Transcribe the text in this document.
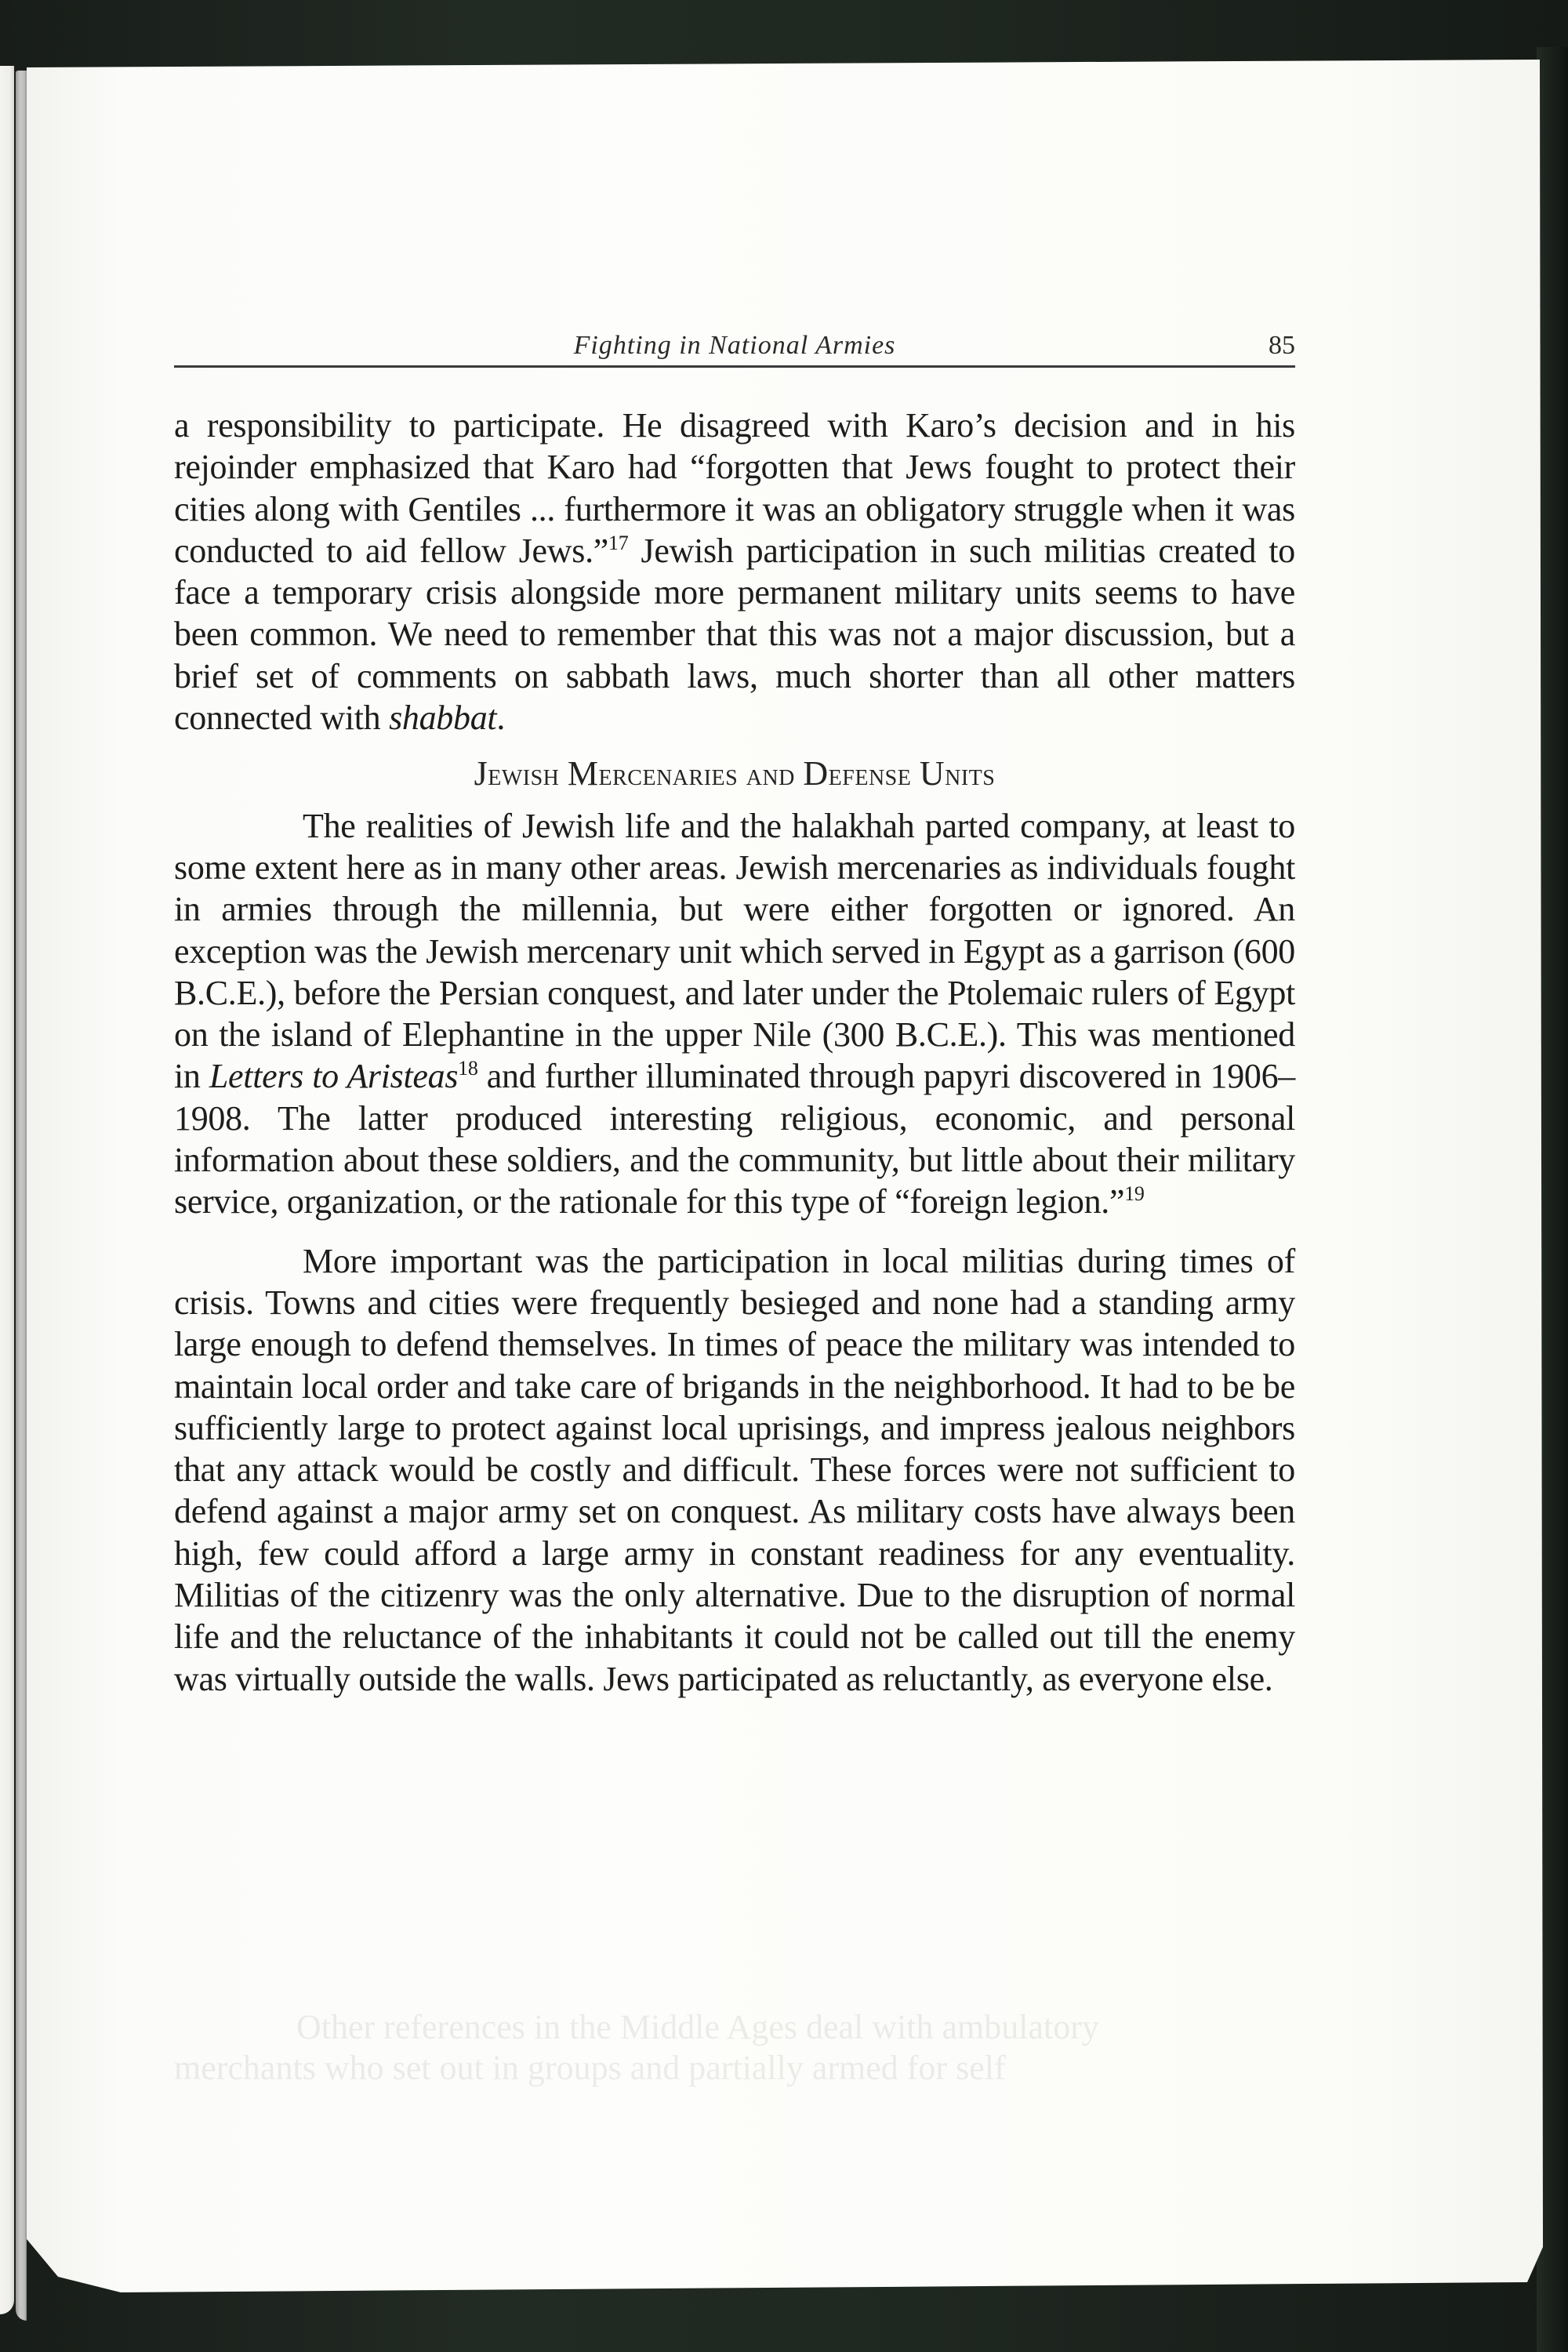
Fighting in National Armies	85

a responsibility to participate. He disagreed with Karo’s decision and in his rejoinder emphasized that Karo had “forgotten that Jews fought to protect their cities along with Gentiles ... furthermore it was an obligatory struggle when it was conducted to aid fellow Jews.”$^{17}$ Jewish participation in such militias created to face a temporary crisis alongside more permanent military units seems to have been common. We need to remember that this was not a major discussion, but a brief set of comments on sabbath laws, much shorter than all other matters connected with shabbat.

Jewish Mercenaries and Defense Units

The realities of Jewish life and the halakhah parted company, at least to some extent here as in many other areas. Jewish mercenaries as individuals fought in armies through the millennia, but were either forgotten or ignored. An exception was the Jewish mercenary unit which served in Egypt as a garrison (600 B.C.E.), before the Persian conquest, and later under the Ptolemaic rulers of Egypt on the island of Elephantine in the upper Nile (300 B.C.E.). This was mentioned in Letters to Aristeas$^{18}$ and further illuminated through papyri discovered in 1906–1908. The latter produced interesting religious, economic, and personal information about these soldiers, and the community, but little about their military service, organization, or the rationale for this type of “foreign legion.”$^{19}$

More important was the participation in local militias during times of crisis. Towns and cities were frequently besieged and none had a standing army large enough to defend themselves. In times of peace the military was intended to maintain local order and take care of brigands in the neighborhood. It had to be be sufficiently large to protect against local uprisings, and impress jealous neighbors that any attack would be costly and difficult. These forces were not sufficient to defend against a major army set on conquest. As military costs have always been high, few could afford a large army in constant readiness for any eventuality. Militias of the citizenry was the only alternative. Due to the disruption of normal life and the reluctance of the inhabitants it could not be called out till the enemy was virtually outside the walls. Jews participated as reluctantly, as everyone else.

Other references in the Middle Ages deal with ambulatory
merchants who set out in groups and partially armed for self
